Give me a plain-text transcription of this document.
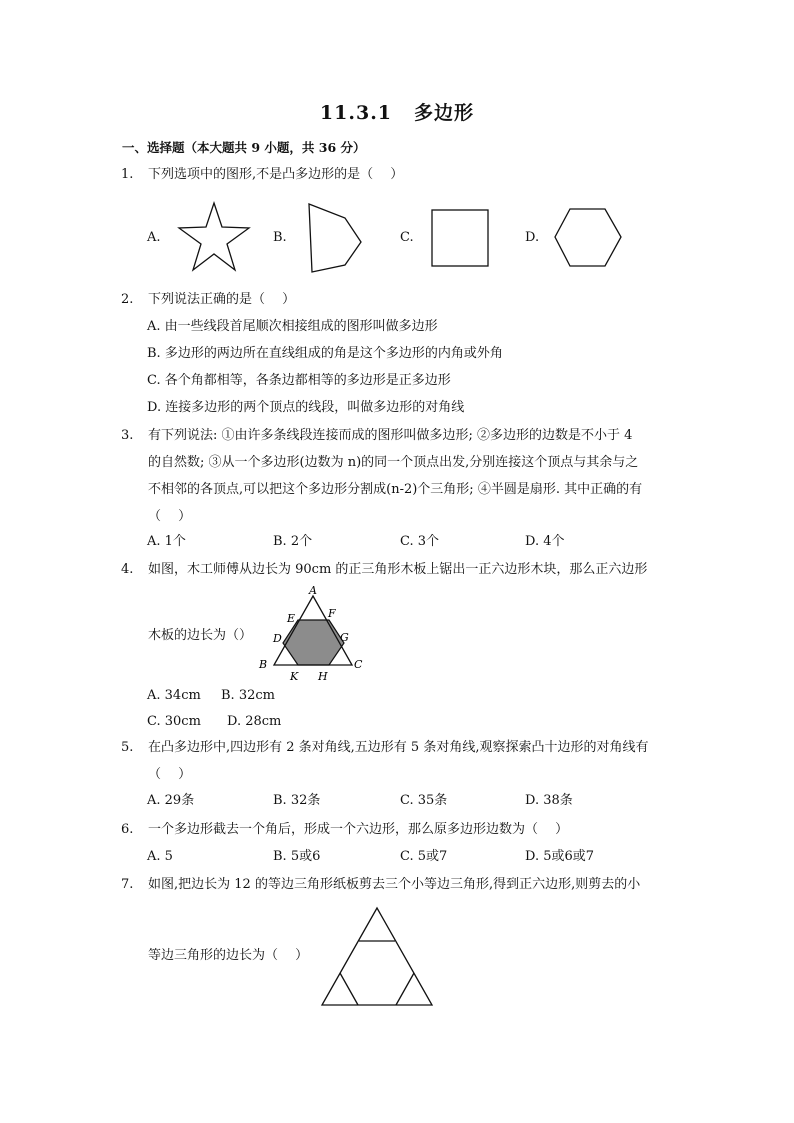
11.3.1 多边形
一、选择题（本大题共 9 小题，共 36 分）
1. 下列选项中的图形,不是凸多边形的是（　 ）
A.	B.	C.	D.
2. 下列说法正确的是（　 ）
A. 由一些线段首尾顺次相接组成的图形叫做多边形
B. 多边形的两边所在直线组成的角是这个多边形的内角或外角
C. 各个角都相等，各条边都相等的多边形是正多边形
D. 连接多边形的两个顶点的线段，叫做多边形的对角线
3. 有下列说法: ①由许多条线段连接而成的图形叫做多边形; ②多边形的边数是不小于 4
的自然数; ③从一个多边形(边数为 n)的同一个顶点出发,分别连接这个顶点与其余与之
不相邻的各顶点,可以把这个多边形分割成(n-2)个三角形; ④半圆是扇形. 其中正确的有
（　 ）
A. 1个	B. 2个	C. 3个	D. 4个
4. 如图，木工师傅从边长为 90cm 的正三角形木板上锯出一正六边形木块，那么正六边形
木板的边长为（）
A
E	F
D	G
B	C
K H
A. 34cm B. 32cm
C. 30cm D. 28cm
5. 在凸多边形中,四边形有 2 条对角线,五边形有 5 条对角线,观察探索凸十边形的对角线有
（　 ）
A. 29条	B. 32条	C. 35条	D. 38条
6. 一个多边形截去一个角后，形成一个六边形，那么原多边形边数为（　 ）
A. 5	B. 5或6	C. 5或7	D. 5或6或7
7. 如图,把边长为 12 的等边三角形纸板剪去三个小等边三角形,得到正六边形,则剪去的小
等边三角形的边长为（　 ）
